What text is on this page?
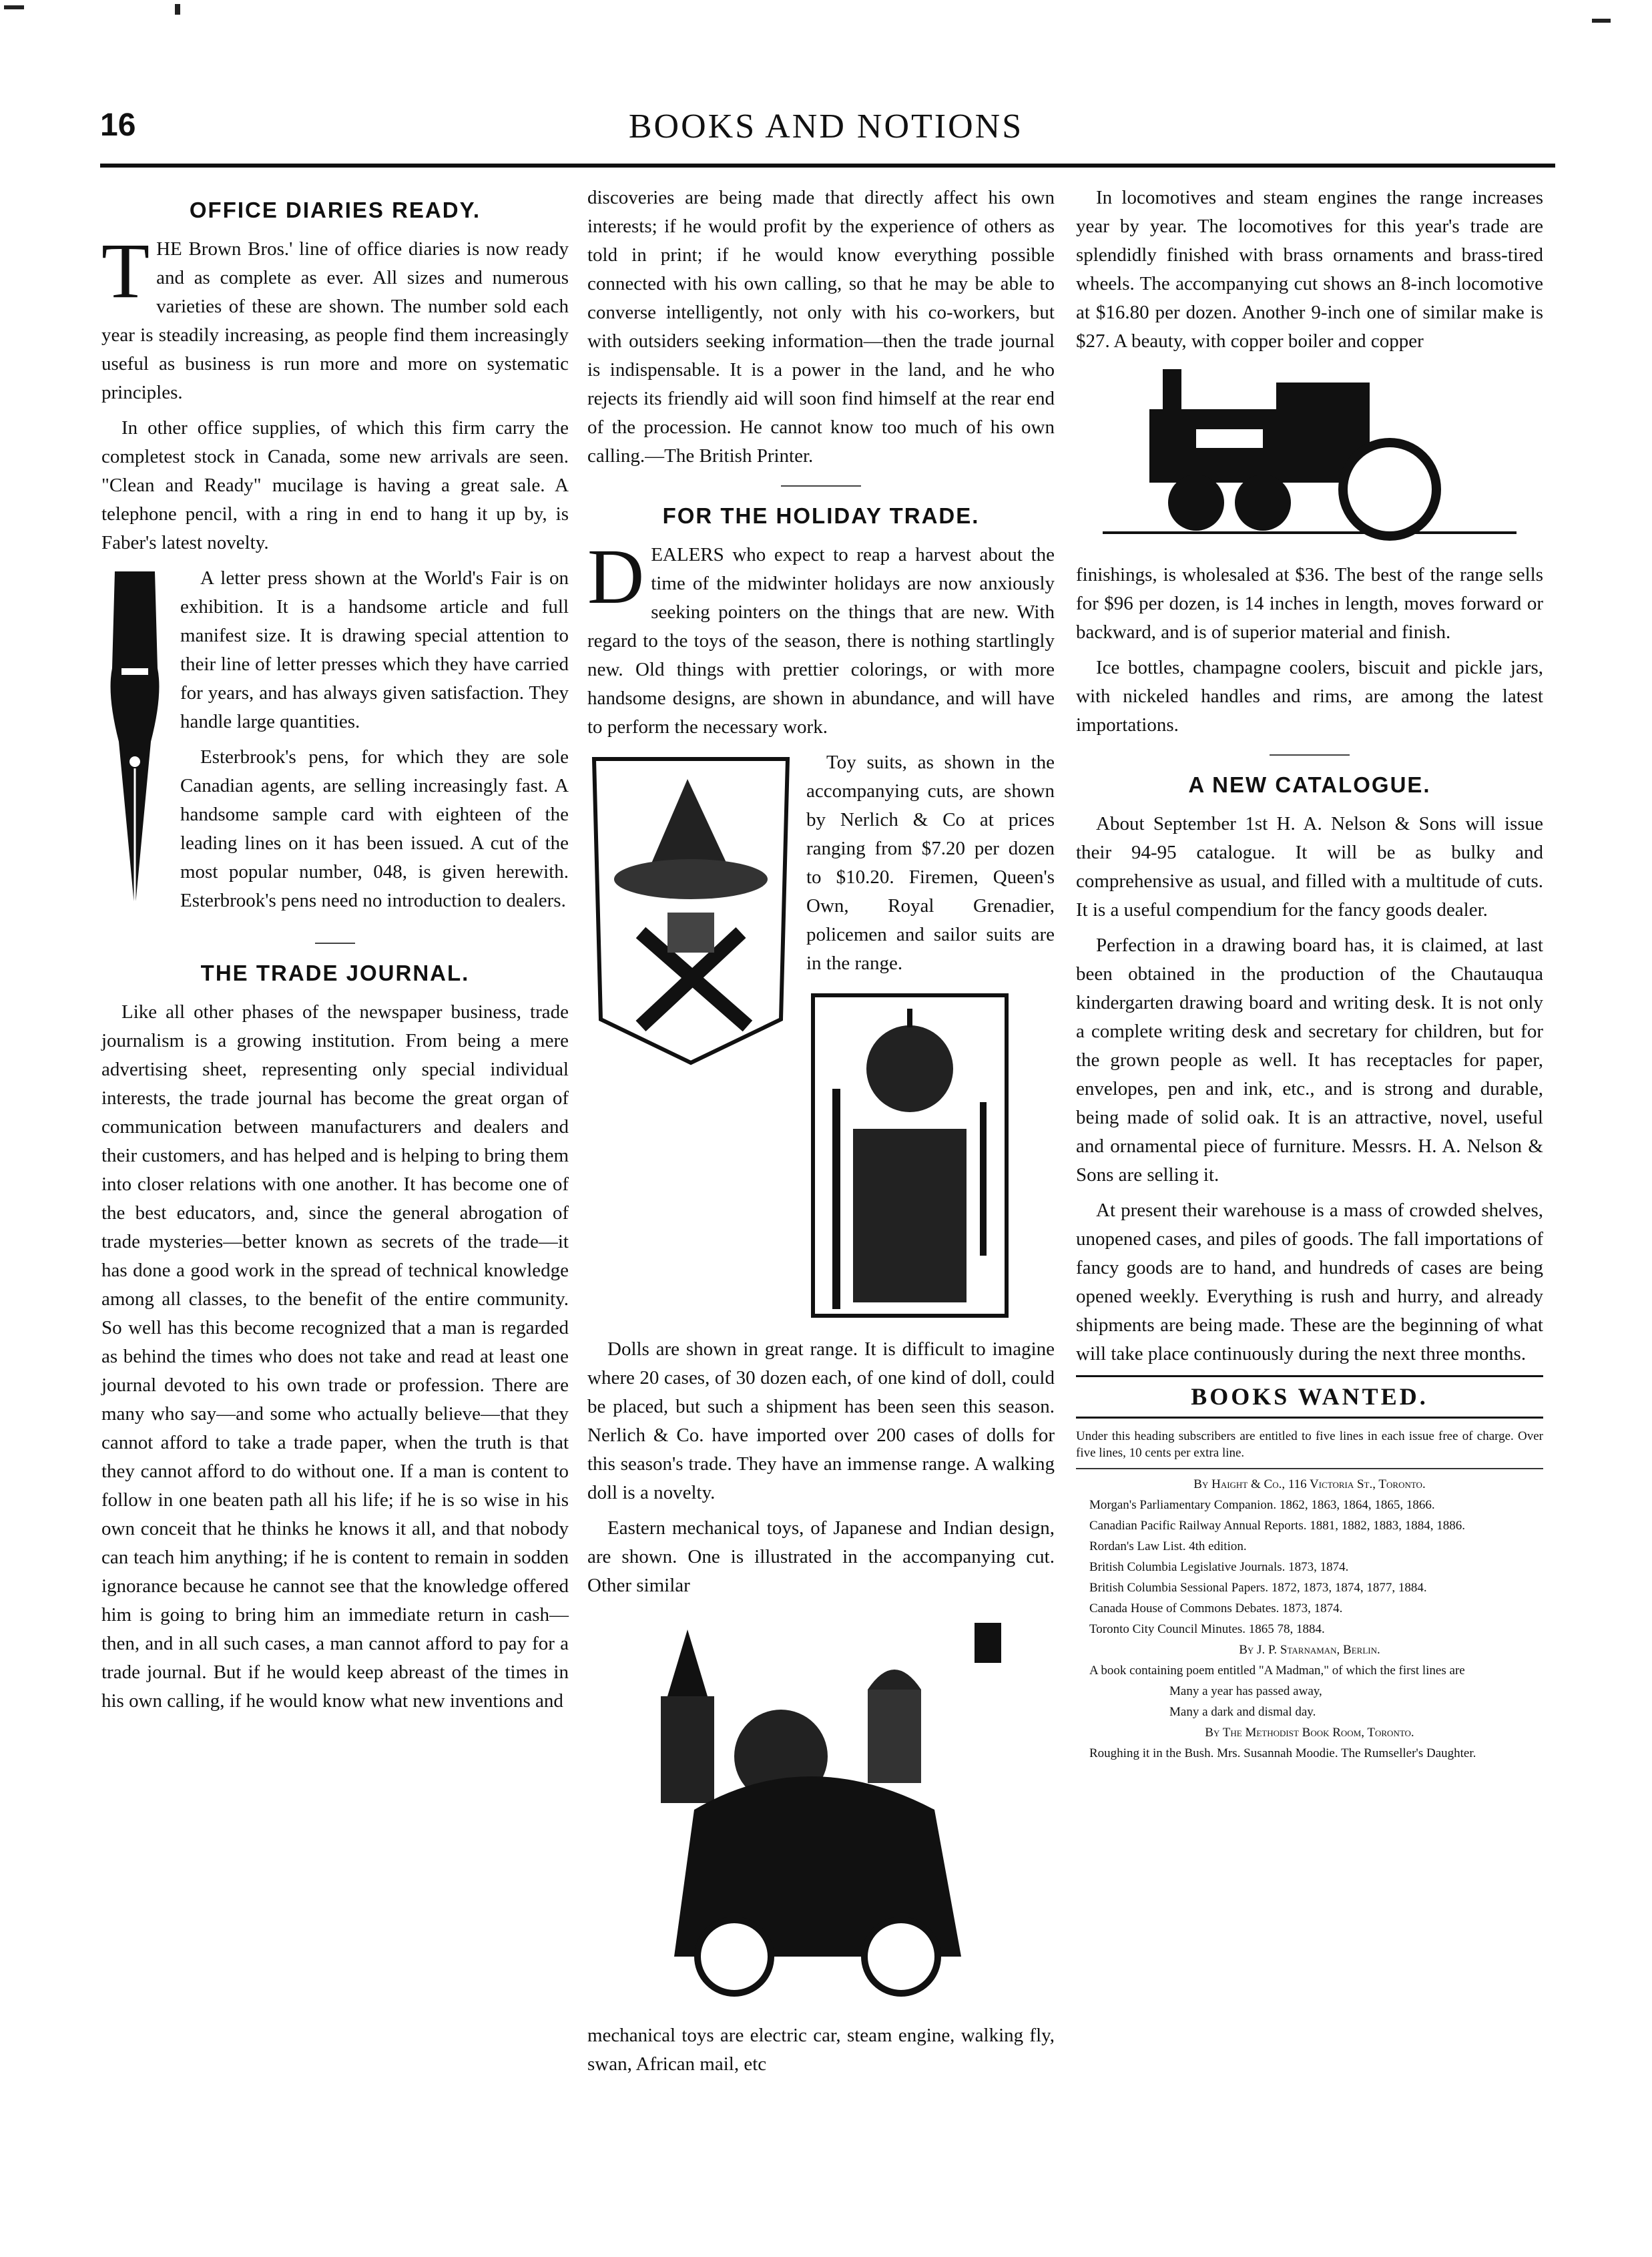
16	BOOKS AND NOTIONS
OFFICE DIARIES READY.

THE Brown Bros.' line of office diaries is now ready and as complete as ever. All sizes and numerous varieties of these are shown. The number sold each year is steadily increasing, as people find them increasingly useful as business is run more and more on systematic principles.

In other office supplies, of which this firm carry the completest stock in Canada, some new arrivals are seen. "Clean and Ready" mucilage is having a great sale. A telephone pencil, with a ring in end to hang it up by, is Faber's latest novelty.

A letter press shown at the World's Fair is on exhibition. It is a handsome article and full manifest size. It is drawing special attention to their line of letter presses which they have carried for years, and has always given satisfaction. They handle large quantities.

Esterbrook's pens, for which they are sole Canadian agents, are selling increasingly fast. A handsome sample card with eighteen of the leading lines on it has been issued. A cut of the most popular number, 048, is given herewith. Esterbrook's pens need no introduction to dealers.

THE TRADE JOURNAL.

Like all other phases of the newspaper business, trade journalism is a growing institution. From being a mere advertising sheet, representing only special individual interests, the trade journal has become the great organ of communication between manufacturers and dealers and their customers, and has helped and is helping to bring them into closer relations with one another. It has become one of the best educators, and, since the general abrogation of trade mysteries—better known as secrets of the trade—it has done a good work in the spread of technical knowledge among all classes, to the benefit of the entire community. So well has this become recognized that a man is regarded as behind the times who does not take and read at least one journal devoted to his own trade or profession. There are many who say—and some who actually believe—that they cannot afford to take a trade paper, when the truth is that they cannot afford to do without one. If a man is content to follow in one beaten path all his life; if he is so wise in his own conceit that he thinks he knows it all, and that nobody can teach him anything; if he is content to remain in sodden ignorance because he cannot see that the knowledge offered him is going to bring him an immediate return in cash—then, and in all such cases, a man cannot afford to pay for a trade journal. But if he would keep abreast of the times in his own calling, if he would know what new inventions and

discoveries are being made that directly affect his own interests; if he would profit by the experience of others as told in print; if he would know everything possible connected with his own calling, so that he may be able to converse intelligently, not only with his co-workers, but with outsiders seeking information—then the trade journal is indispensable. It is a power in the land, and he who rejects its friendly aid will soon find himself at the rear end of the procession. He cannot know too much of his own calling.—The British Printer.

FOR THE HOLIDAY TRADE.

DEALERS who expect to reap a harvest about the time of the midwinter holidays are now anxiously seeking pointers on the things that are new. With regard to the toys of the season, there is nothing startlingly new. Old things with prettier colorings, or with more handsome designs, are shown in abundance, and will have to perform the necessary work.

Toy suits, as shown in the accompanying cuts, are shown by Nerlich & Co at prices ranging from $7.20 per dozen to $10.20. Firemen, Queen's Own, Royal Grenadier, policemen and sailor suits are in the range.

Dolls are shown in great range. It is difficult to imagine where 20 cases, of 30 dozen each, of one kind of doll, could be placed, but such a shipment has been seen this season. Nerlich & Co. have imported over 200 cases of dolls for this season's trade. They have an immense range. A walking doll is a novelty.

Eastern mechanical toys, of Japanese and Indian design, are shown. One is illustrated in the accompanying cut. Other similar

mechanical toys are electric car, steam engine, walking fly, swan, African mail, etc

In locomotives and steam engines the range increases year by year. The locomotives for this year's trade are splendidly finished with brass ornaments and brass-tired wheels. The accompanying cut shows an 8-inch locomotive at $16.80 per dozen. Another 9-inch one of similar make is $27. A beauty, with copper boiler and copper

finishings, is wholesaled at $36. The best of the range sells for $96 per dozen, is 14 inches in length, moves forward or backward, and is of superior material and finish.

Ice bottles, champagne coolers, biscuit and pickle jars, with nickeled handles and rims, are among the latest importations.

A NEW CATALOGUE.

About September 1st H. A. Nelson & Sons will issue their 94-95 catalogue. It will be as bulky and comprehensive as usual, and filled with a multitude of cuts. It is a useful compendium for the fancy goods dealer.

Perfection in a drawing board has, it is claimed, at last been obtained in the production of the Chautauqua kindergarten drawing board and writing desk. It is not only a complete writing desk and secretary for children, but for the grown people as well. It has receptacles for paper, envelopes, pen and ink, etc., and is strong and durable, being made of solid oak. It is an attractive, novel, useful and ornamental piece of furniture. Messrs. H. A. Nelson & Sons are selling it.

At present their warehouse is a mass of crowded shelves, unopened cases, and piles of goods. The fall importations of fancy goods are to hand, and hundreds of cases are being opened weekly. Everything is rush and hurry, and already shipments are being made. These are the beginning of what will take place continuously during the next three months.

BOOKS WANTED.

Under this heading subscribers are entitled to five lines in each issue free of charge. Over five lines, 10 cents per extra line.

By Haight & Co., 116 Victoria St., Toronto.

Morgan's Parliamentary Companion. 1862, 1863, 1864, 1865, 1866.

Canadian Pacific Railway Annual Reports. 1881, 1882, 1883, 1884, 1886.

Rordan's Law List. 4th edition.

British Columbia Legislative Journals. 1873, 1874.

British Columbia Sessional Papers. 1872, 1873, 1874, 1877, 1884.

Canada House of Commons Debates. 1873, 1874.

Toronto City Council Minutes. 1865 78, 1884.

By J. P. Starnaman, Berlin.

A book containing poem entitled "A Madman," of which the first lines are

Many a year has passed away,

Many a dark and dismal day.

By The Methodist Book Room, Toronto.

Roughing it in the Bush. Mrs. Susannah Moodie. The Rumseller's Daughter.
